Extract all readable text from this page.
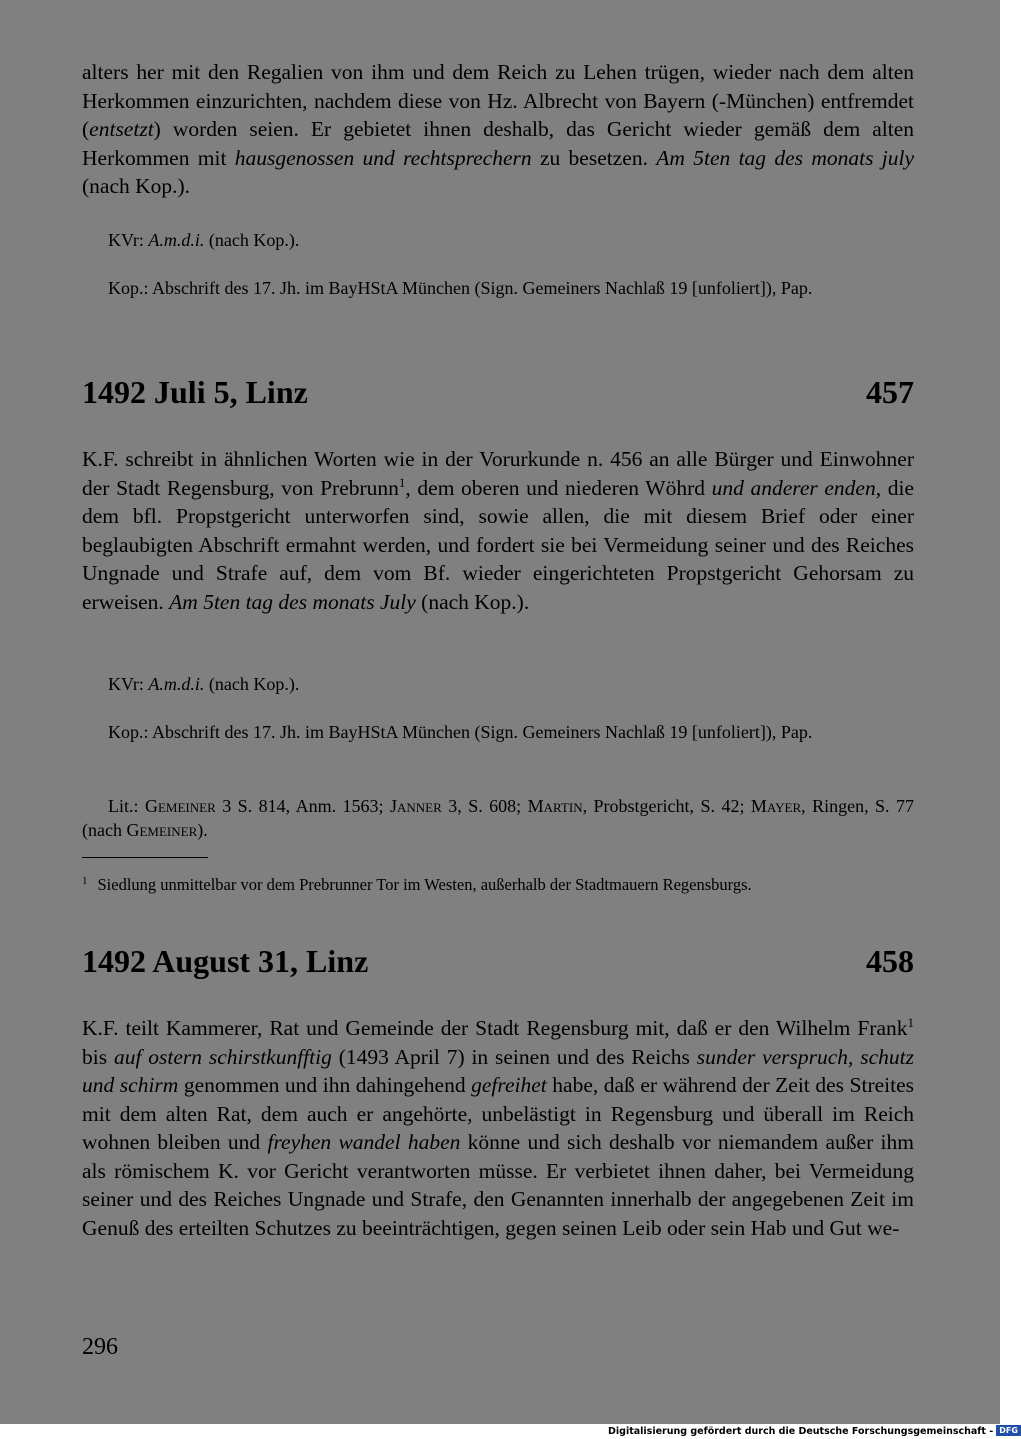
alters her mit den Regalien von ihm und dem Reich zu Lehen trügen, wieder nach dem alten Herkommen einzurichten, nachdem diese von Hz. Albrecht von Bayern (-München) entfremdet (entsetzt) worden seien. Er gebietet ihnen deshalb, das Gericht wieder gemäß dem alten Herkommen mit hausgenossen und rechtsprechern zu besetzen. Am 5ten tag des monats july (nach Kop.).

KVr: A.m.d.i. (nach Kop.).

Kop.: Abschrift des 17. Jh. im BayHStA München (Sign. Gemeiners Nachlaß 19 [unfoliert]), Pap.

1492 Juli 5, Linz	457

K.F. schreibt in ähnlichen Worten wie in der Vorurkunde n. 456 an alle Bürger und Einwohner der Stadt Regensburg, von Prebrunn$^1$, dem oberen und niederen Wöhrd und anderer enden, die dem bfl. Propstgericht unterworfen sind, sowie allen, die mit diesem Brief oder einer beglaubigten Abschrift ermahnt werden, und fordert sie bei Vermeidung seiner und des Reiches Ungnade und Strafe auf, dem vom Bf. wieder eingerichteten Propstgericht Gehorsam zu erweisen. Am 5ten tag des monats July (nach Kop.).

KVr: A.m.d.i. (nach Kop.).

Kop.: Abschrift des 17. Jh. im BayHStA München (Sign. Gemeiners Nachlaß 19 [unfoliert]), Pap.

Lit.: Gemeiner 3 S. 814, Anm. 1563; Janner 3, S. 608; Martin, Probstgericht, S. 42; Mayer, Ringen, S. 77 (nach Gemeiner).

$^1$ Siedlung unmittelbar vor dem Prebrunner Tor im Westen, außerhalb der Stadtmauern Regensburgs.
1492 August 31, Linz	458

K.F. teilt Kammerer, Rat und Gemeinde der Stadt Regensburg mit, daß er den Wilhelm Frank$^1$ bis auf ostern schirstkunfftig (1493 April 7) in seinen und des Reichs sunder verspruch, schutz und schirm genommen und ihn dahingehend gefreihet habe, daß er während der Zeit des Streites mit dem alten Rat, dem auch er angehörte, unbelästigt in Regensburg und überall im Reich wohnen bleiben und freyhen wandel haben könne und sich deshalb vor niemandem außer ihm als römischem K. vor Gericht verantworten müsse. Er verbietet ihnen daher, bei Vermeidung seiner und des Reiches Ungnade und Strafe, den Genannten innerhalb der angegebenen Zeit im Genuß des erteilten Schutzes zu beeinträchtigen, gegen seinen Leib oder sein Hab und Gut we-

296
Digitalisierung gefördert durch die Deutsche Forschungsgemeinschaft - DFG
